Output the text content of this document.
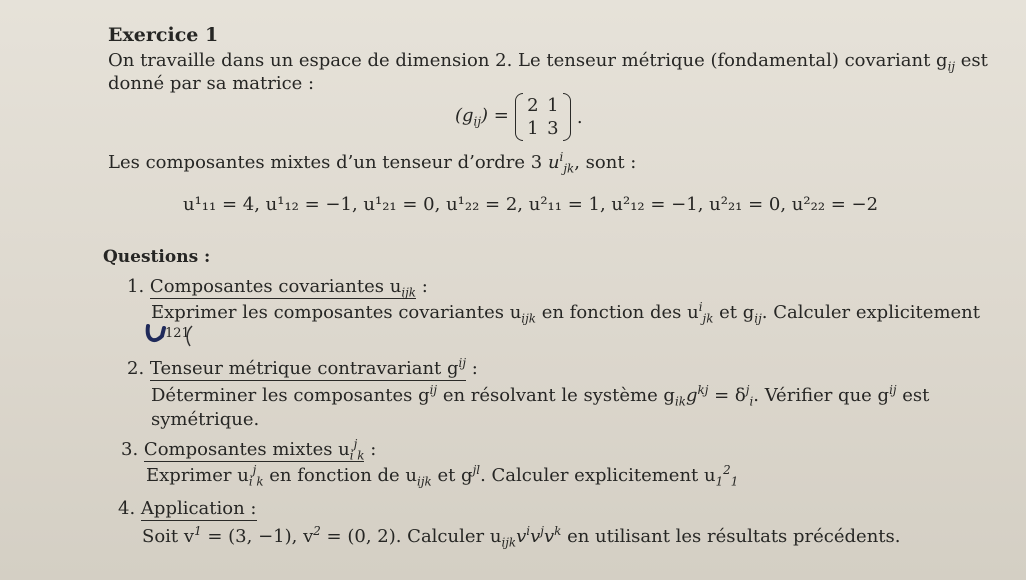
Exercice 1
On travaille dans un espace de dimension 2. Le tenseur métrique (fondamental) covariant $g_{ij}$ est
donné par sa matrice :
$(g_{ij}) = 2$ 1
1 3
.
Les composantes mixtes d’un tenseur d’ordre 3 $u^i_{jk}$, sont :
u¹₁₁ = 4, u¹₁₂ = −1, u¹₂₁ = 0, u¹₂₂ = 2, u²₁₁ = 1, u²₁₂ = −1, u²₂₁ = 0, u²₂₂ = −2
Questions :
1. Composantes covariantes $u_{ijk}$ :
Exprimer les composantes covariantes $u_{ijk}$ en fonction des $u^i_{jk}$ et $g_{ij}$. Calculer explicitement
121
2. Tenseur métrique contravariant $g^{ij}$ :
Déterminer les composantes $g^{ij}$ en résolvant le système $g_{ik}g^{kj} = \delta^j_i$. Vérifier que $g^{ij}$ est
symétrique.
3. Composantes mixtes $u_i^j_k$ :
Exprimer $u_i^j_k$ en fonction de $u_{ijk}$ et $g^{jl}$. Calculer explicitement $u_1^2_1$
4. Application :
Soit $v^1 = (3$, −1), $v^2 = (0$, 2). Calculer $u_{ijk}v^iv^jv^k$ en utilisant les résultats précédents.
